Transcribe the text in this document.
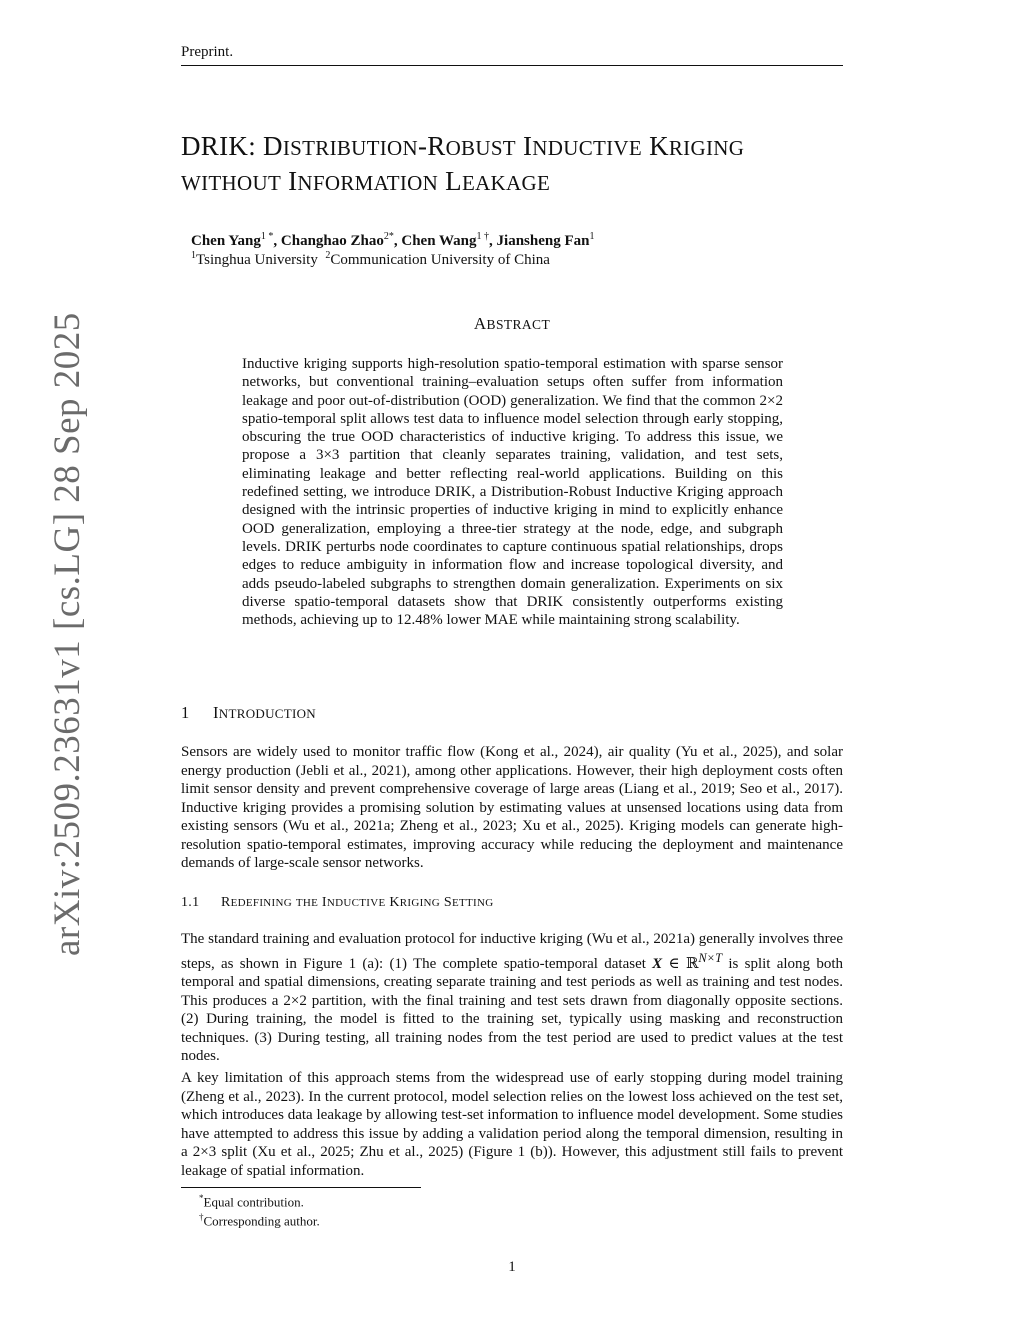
Preprint.
arXiv:2509.23631v1 [cs.LG] 28 Sep 2025
DRIK: DISTRIBUTION-ROBUST INDUCTIVE KRIGING
WITHOUT INFORMATION LEAKAGE
Chen Yang$^{1 *}$, Changhao Zhao$^{2*}$, Chen Wang$^{1 \dagger}$, Jiansheng Fan$^1$
$^1$Tsinghua University $^2$Communication University of China
ABSTRACT

Inductive kriging supports high-resolution spatio-temporal estimation with sparse sensor networks, but conventional training–evaluation setups often suffer from information leakage and poor out-of-distribution (OOD) generalization. We find that the common 2×2 spatio-temporal split allows test data to influence model selection through early stopping, obscuring the true OOD characteristics of inductive kriging. To address this issue, we propose a 3×3 partition that cleanly separates training, validation, and test sets, eliminating leakage and better reflecting real-world applications. Building on this redefined setting, we introduce DRIK, a Distribution-Robust Inductive Kriging approach designed with the intrinsic properties of inductive kriging in mind to explicitly enhance OOD generalization, employing a three-tier strategy at the node, edge, and subgraph levels. DRIK perturbs node coordinates to capture continuous spatial relationships, drops edges to reduce ambiguity in information flow and increase topological diversity, and adds pseudo-labeled subgraphs to strengthen domain generalization. Experiments on six diverse spatio-temporal datasets show that DRIK consistently outperforms existing methods, achieving up to 12.48% lower MAE while maintaining strong scalability.

1 INTRODUCTION

Sensors are widely used to monitor traffic flow (Kong et al., 2024), air quality (Yu et al., 2025), and solar energy production (Jebli et al., 2021), among other applications. However, their high deployment costs often limit sensor density and prevent comprehensive coverage of large areas (Liang et al., 2019; Seo et al., 2017). Inductive kriging provides a promising solution by estimating values at unsensed locations using data from existing sensors (Wu et al., 2021a; Zheng et al., 2023; Xu et al., 2025). Kriging models can generate high-resolution spatio-temporal estimates, improving accuracy while reducing the deployment and maintenance demands of large-scale sensor networks.

1.1 REDEFINING THE INDUCTIVE KRIGING SETTING

The standard training and evaluation protocol for inductive kriging (Wu et al., 2021a) generally involves three steps, as shown in Figure 1 (a): (1) The complete spatio-temporal dataset X ∈ ℝ$^{N\times T}$ is split along both temporal and spatial dimensions, creating separate training and test periods as well as training and test nodes. This produces a 2×2 partition, with the final training and test sets drawn from diagonally opposite sections. (2) During training, the model is fitted to the training set, typically using masking and reconstruction techniques. (3) During testing, all training nodes from the test period are used to predict values at the test nodes.

A key limitation of this approach stems from the widespread use of early stopping during model training (Zheng et al., 2023). In the current protocol, model selection relies on the lowest loss achieved on the test set, which introduces data leakage by allowing test-set information to influence model development. Some studies have attempted to address this issue by adding a validation period along the temporal dimension, resulting in a 2×3 split (Xu et al., 2025; Zhu et al., 2025) (Figure 1 (b)). However, this adjustment still fails to prevent leakage of spatial information.

*Equal contribution.
†Corresponding author.
1
